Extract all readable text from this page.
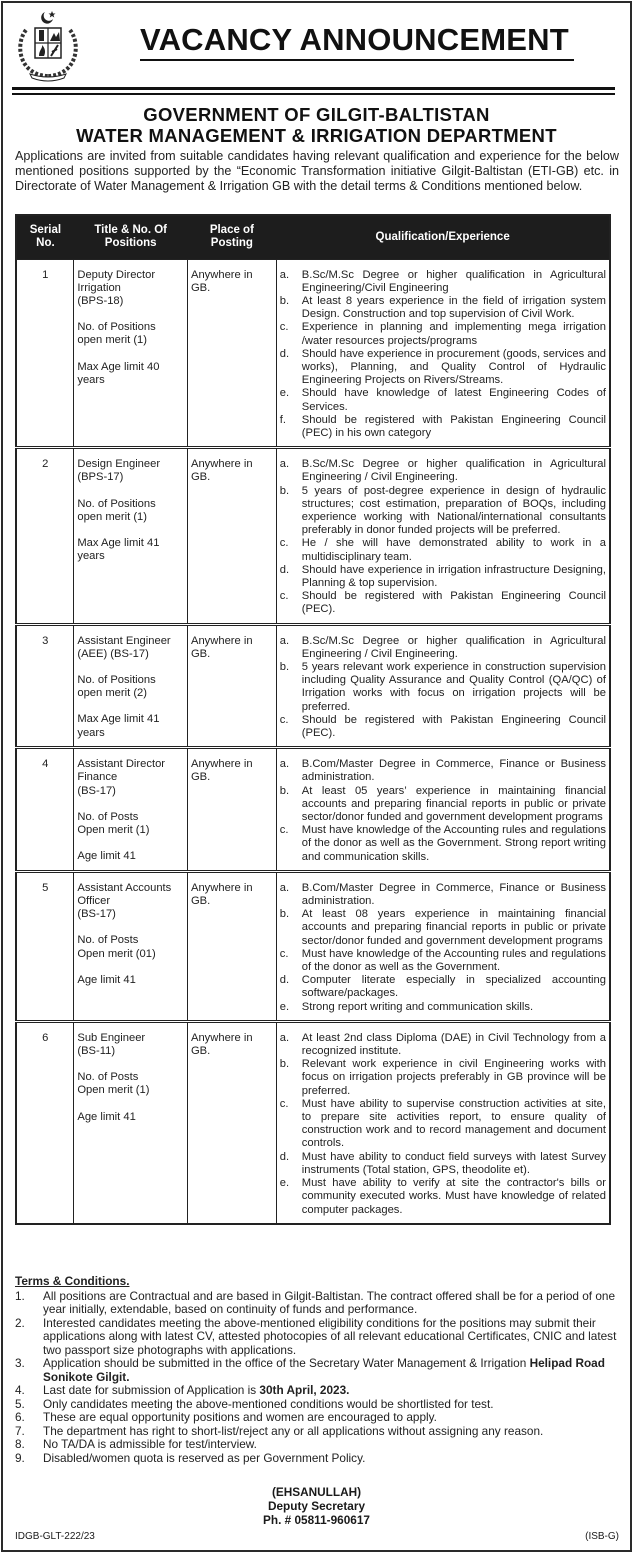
VACANCY ANNOUNCEMENT
GOVERNMENT OF GILGIT-BALTISTAN
WATER MANAGEMENT & IRRIGATION DEPARTMENT

Applications are invited from suitable candidates having relevant qualification and experience for the below mentioned positions supported by the “Economic Transformation initiative Gilgit-Baltistan (ETI-GB) etc. in Directorate of Water Management & Irrigation GB with the detail terms & Conditions mentioned below.

Serial
No.

Title & No. Of
Positions

Place of
Posting
	Qualification/Experience
1	Deputy Director
Irrigation
(BPS-18)
No. of Positions
open merit (1)
Max Age limit 40
years
	Anywhere in GB.	
a.	B.Sc/M.Sc Degree or higher qualification in Agricultural Engineering/Civil Engineering
b.	At least 8 years experience in the field of irrigation system Design. Construction and top supervision of Civil Work.
c.	Experience in planning and implementing mega irrigation /water resources projects/programs
d.	Should have experience in procurement (goods, services and works), Planning, and Quality Control of Hydraulic Engineering Projects on Rivers/Streams.
e.	Should have knowledge of latest Engineering Codes of Services.
f.	Should be registered with Pakistan Engineering Council (PEC) in his own category

2	Design Engineer
(BPS-17)
No. of Positions
open merit (1)
Max Age limit 41
years
	Anywhere in GB.	
a.	B.Sc/M.Sc Degree or higher qualification in Agricultural Engineering / Civil Engineering.
b.	5 years of post-degree experience in design of hydraulic structures; cost estimation, preparation of BOQs, including experience working with National/international consultants preferably in donor funded projects will be preferred.
c.	He / she will have demonstrated ability to work in a multidisciplinary team.
d.	Should have experience in irrigation infrastructure Designing, Planning & top supervision.
c.	Should be registered with Pakistan Engineering Council (PEC).

3	Assistant Engineer
(AEE) (BS-17)
No. of Positions
open merit (2)
Max Age limit 41
years
	Anywhere in GB.	
a.	B.Sc/M.Sc Degree or higher qualification in Agricultural Engineering / Civil Engineering.
b.	5 years relevant work experience in construction supervision including Quality Assurance and Quality Control (QA/QC) of Irrigation works with focus on irrigation projects will be preferred.
c.	Should be registered with Pakistan Engineering Council (PEC).

4	Assistant Director
Finance
(BS-17)
No. of Posts
Open merit (1)
Age limit 41
	Anywhere in GB.	
a.	B.Com/Master Degree in Commerce, Finance or Business administration.
b.	At least 05 years’ experience in maintaining financial accounts and preparing financial reports in public or private sector/donor funded and government development programs
c.	Must have knowledge of the Accounting rules and regulations of the donor as well as the Government. Strong report writing and communication skills.

5	Assistant Accounts
Officer
(BS-17)
No. of Posts
Open merit (01)
Age limit 41
	Anywhere in GB.	
a.	B.Com/Master Degree in Commerce, Finance or Business administration.
b.	At least 08 years experience in maintaining financial accounts and preparing financial reports in public or private sector/donor funded and government development programs
c.	Must have knowledge of the Accounting rules and regulations of the donor as well as the Government.
d.	Computer literate especially in specialized accounting software/packages.
e.	Strong report writing and communication skills.

6	Sub Engineer
(BS-11)
No. of Posts
Open merit (1)
Age limit 41
	Anywhere in GB.	
a.	At least 2nd class Diploma (DAE) in Civil Technology from a recognized institute.
b.	Relevant work experience in civil Engineering works with focus on irrigation projects preferably in GB province will be preferred.
c.	Must have ability to supervise construction activities at site, to prepare site activities report, to ensure quality of construction work and to record management and document controls.
d.	Must have ability to conduct field surveys with latest Survey instruments (Total station, GPS, theodolite et).
e.	Must have ability to verify at site the contractor's bills or community executed works. Must have knowledge of related computer packages.
Terms & Conditions.
1.	All positions are Contractual and are based in Gilgit-Baltistan. The contract offered shall be for a period of one year initially, extendable, based on continuity of funds and performance.
2.	Interested candidates meeting the above-mentioned eligibility conditions for the positions may submit their applications along with latest CV, attested photocopies of all relevant educational Certificates, CNIC and latest two passport size photographs with applications.
3.	Application should be submitted in the office of the Secretary Water Management & Irrigation Helipad Road Sonikote Gilgit.
4.	Last date for submission of Application is 30th April, 2023.
5.	Only candidates meeting the above-mentioned conditions would be shortlisted for test.
6.	These are equal opportunity positions and women are encouraged to apply.
7.	The department has right to short-list/reject any or all applications without assigning any reason.
8.	No TA/DA is admissible for test/interview.
9.	Disabled/women quota is reserved as per Government Policy.
(EHSANULLAH)
Deputy Secretary
Ph. # 05811-960617
IDGB-GLT-222/23	(ISB-G)
